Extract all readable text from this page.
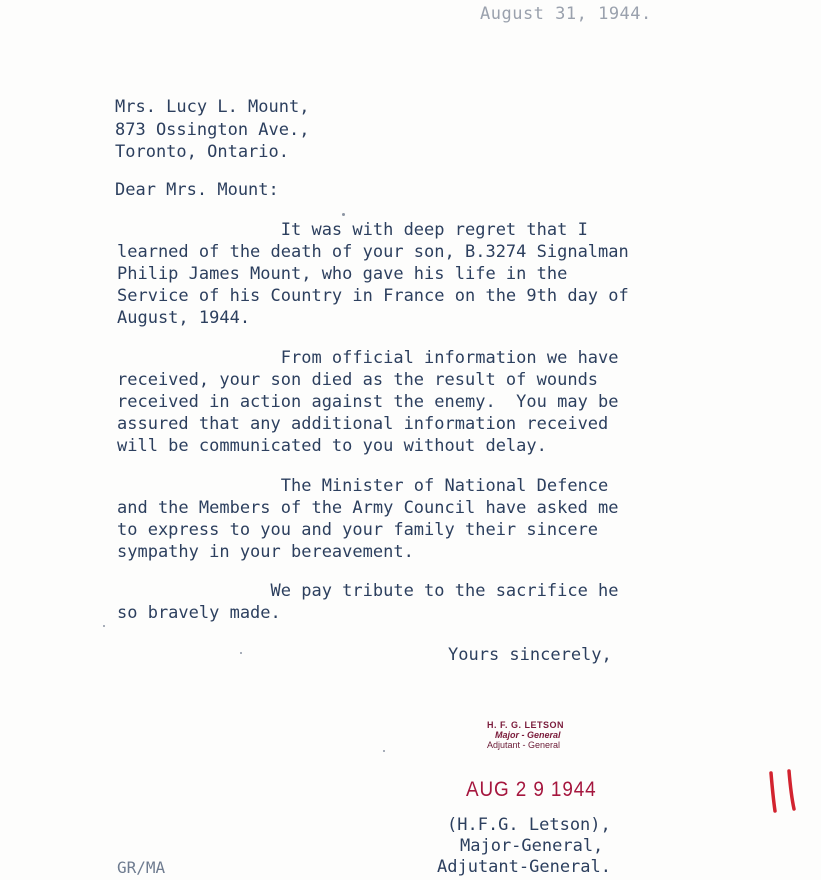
August 31, 1944.
Mrs. Lucy L. Mount,
873 Ossington Ave.,
Toronto, Ontario.
Dear Mrs. Mount:
It was with deep regret that I
learned of the death of your son, B.3274 Signalman
Philip James Mount, who gave his life in the
Service of his Country in France on the 9th day of
August, 1944.
From official information we have
received, your son died as the result of wounds
received in action against the enemy.  You may be
assured that any additional information received
will be communicated to you without delay.
The Minister of National Defence
and the Members of the Army Council have asked me
to express to you and your family their sincere
sympathy in your bereavement.
We pay tribute to the sacrifice he
so bravely made.
Yours sincerely,
H. F. G. LETSON
Major - General
Adjutant - General
AUG 2 9 1944
(H.F.G. Letson),
Major-General,
Adjutant-General.
GR/MA
